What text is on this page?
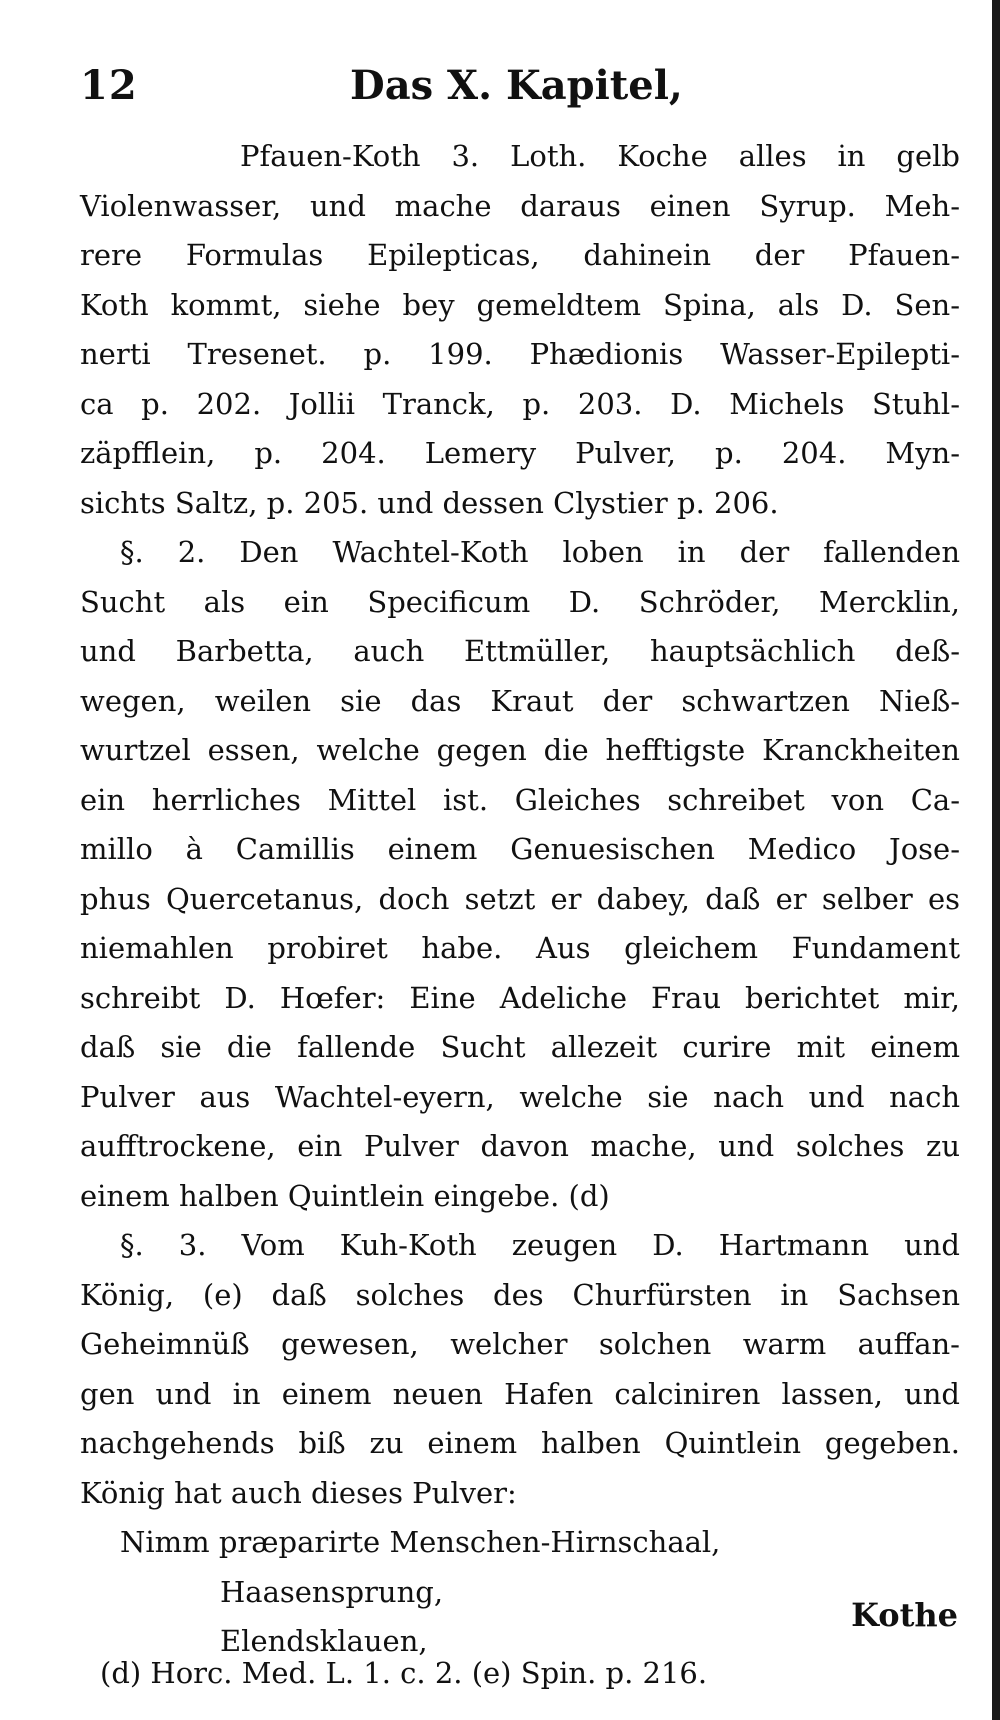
12	Das X. Kapitel,
Pfauen-Koth 3. Loth. Koche alles in gelb
Violenwasser, und mache daraus einen Syrup. Meh-
rere Formulas Epilepticas, dahinein der Pfauen-
Koth kommt, siehe bey gemeldtem Spina, als D. Sen-
nerti Tresenet. p. 199. Phædionis Wasser-Epilepti-
ca p. 202. Jollii Tranck, p. 203. D. Michels Stuhl-
zäpfflein, p. 204. Lemery Pulver, p. 204. Myn-
sichts Saltz, p. 205. und dessen Clystier p. 206.
§. 2. Den Wachtel-Koth loben in der fallenden
Sucht als ein Specificum D. Schröder, Mercklin,
und Barbetta, auch Ettmüller, hauptsächlich deß-
wegen, weilen sie das Kraut der schwartzen Nieß-
wurtzel essen, welche gegen die hefftigste Kranckheiten
ein herrliches Mittel ist. Gleiches schreibet von Ca-
millo à Camillis einem Genuesischen Medico Jose-
phus Quercetanus, doch setzt er dabey, daß er selber es
niemahlen probiret habe. Aus gleichem Fundament
schreibt D. Hœfer: Eine Adeliche Frau berichtet mir,
daß sie die fallende Sucht allezeit curire mit einem
Pulver aus Wachtel-eyern, welche sie nach und nach
aufftrockene, ein Pulver davon mache, und solches zu
einem halben Quintlein eingebe. (d)
§. 3. Vom Kuh-Koth zeugen D. Hartmann und
König, (e) daß solches des Churfürsten in Sachsen
Geheimnüß gewesen, welcher solchen warm auffan-
gen und in einem neuen Hafen calciniren lassen, und
nachgehends biß zu einem halben Quintlein gegeben.
König hat auch dieses Pulver:
Nimm præparirte Menschen-Hirnschaal,
Haasensprung,
Elendsklauen,
Kothe
(d) Horc. Med. L. 1. c. 2. (e) Spin. p. 216.
